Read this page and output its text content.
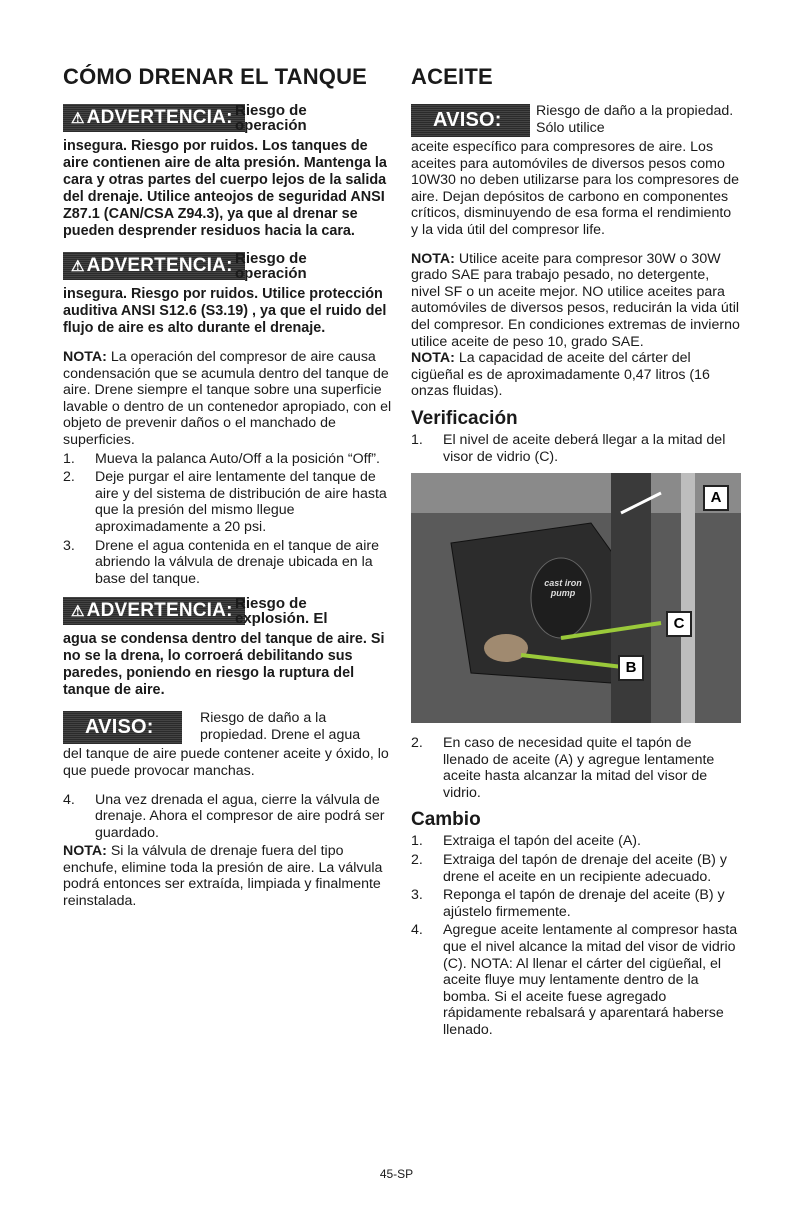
CÓMO DRENAR EL TANQUE
⚠ ADVERTENCIA: Riesgo de operación

insegura. Riesgo por ruidos. Los tanques de aire contienen aire de alta presión. Mantenga la cara y otras partes del cuerpo lejos de la salida del drenaje. Utilice anteojos de seguridad ANSI Z87.1 (CAN/CSA Z94.3), ya que al drenar se pueden desprender residuos hacia la cara.

⚠ ADVERTENCIA: Riesgo de operación

insegura. Riesgo por ruidos. Utilice protección auditiva ANSI S12.6 (S3.19) , ya que el ruido del flujo de aire es alto durante el drenaje.

NOTA: La operación del compresor de aire causa condensación que se acumula dentro del tanque de aire. Drene siempre el tanque sobre una superficie lavable o dentro de un contenedor apropiado, con el objeto de prevenir daños o el manchado de superficies.

1. Mueva la palanca Auto/Off a la posición “Off”.
2. Deje purgar el aire lentamente del tanque de aire y del sistema de distribución de aire hasta que la presión del mismo llegue aproximadamente a 20 psi.
3. Drene el agua contenida en el tanque de aire abriendo la válvula de drenaje ubicada en la base del tanque.
⚠ ADVERTENCIA: Riesgo de explosión. El

agua se condensa dentro del tanque de aire. Si no se la drena, lo corroerá debilitando sus paredes, poniendo en riesgo la ruptura del tanque de aire.

AVISO:	Riesgo de daño a la propiedad. Drene el agua

del tanque de aire puede contener aceite y óxido, lo que puede provocar manchas.

4. Una vez drenada el agua, cierre la válvula de drenaje. Ahora el compresor de aire podrá ser guardado.

NOTA: Si la válvula de drenaje fuera del tipo enchufe, elimine toda la presión de aire. La válvula podrá entonces ser extraída, limpiada y finalmente reinstalada.

ACEITE
AVISO: Riesgo de daño a la propiedad. Sólo utilice

aceite específico para compresores de aire. Los aceites para automóviles de diversos pesos como 10W30 no deben utilizarse para los compresores de aire. Dejan depósitos de carbono en componentes críticos, disminuyendo de esa forma el rendimiento y la vida útil del compresor life.

NOTA: Utilice aceite para compresor 30W o 30W grado SAE para trabajo pesado, no detergente, nivel SF o un aceite mejor. NO utilice aceites para automóviles de diversos pesos, reducirán la vida útil del compresor. En condiciones extremas de invierno utilice aceite de peso 10, grado SAE.

NOTA: La capacidad de aceite del cárter del cigüeñal es de aproximadamente 0,47 litros (16 onzas fluidas).

Verificación
1. El nivel de aceite deberá llegar a la mitad del visor de vidrio (C).
cast iron pump
A
C
B
2. En caso de necesidad quite el tapón de llenado de aceite (A) y agregue lentamente aceite hasta alcanzar la mitad del visor de vidrio.
Cambio
1. Extraiga el tapón del aceite (A).
2. Extraiga del tapón de drenaje del aceite (B) y drene el aceite en un recipiente adecuado.
3. Reponga el tapón de drenaje del aceite (B) y ajústelo firmemente.
4. Agregue aceite lentamente al compresor hasta que el nivel alcance la mitad del visor de vidrio (C). NOTA: Al llenar el cárter del cigüeñal, el aceite fluye muy lentamente dentro de la bomba. Si el aceite fuese agregado rápidamente rebalsará y aparentará haberse llenado.
45-SP
